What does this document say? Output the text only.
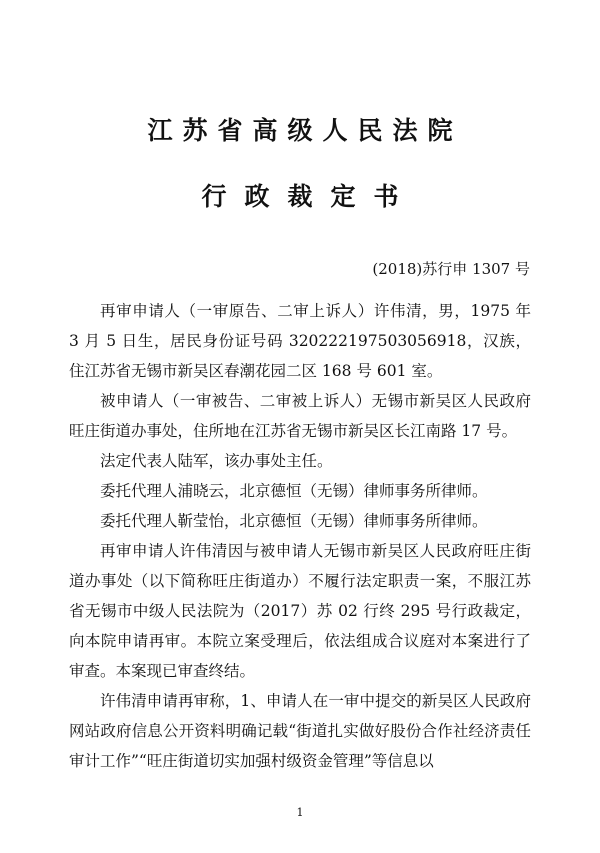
江苏省高级人民法院
行政裁定书
(2018)苏行申 1307 号

再审申请人（一审原告、二审上诉人）许伟清，男，1975 年 3 月 5 日生，居民身份证号码 320222197503056918，汉族，住江苏省无锡市新吴区春潮花园二区 168 号 601 室。

被申请人（一审被告、二审被上诉人）无锡市新吴区人民政府旺庄街道办事处，住所地在江苏省无锡市新吴区长江南路 17 号。

法定代表人陆军，该办事处主任。

委托代理人浦晓云，北京德恒（无锡）律师事务所律师。

委托代理人靳莹怡，北京德恒（无锡）律师事务所律师。

再审申请人许伟清因与被申请人无锡市新吴区人民政府旺庄街道办事处（以下简称旺庄街道办）不履行法定职责一案，不服江苏省无锡市中级人民法院为（2017）苏 02 行终 295 号行政裁定，向本院申请再审。本院立案受理后，依法组成合议庭对本案进行了审查。本案现已审查终结。

许伟清申请再审称，1、申请人在一审中提交的新吴区人民政府网站政府信息公开资料明确记载“街道扎实做好股份合作社经济责任审计工作”“旺庄街道切实加强村级资金管理”等信息以

1
